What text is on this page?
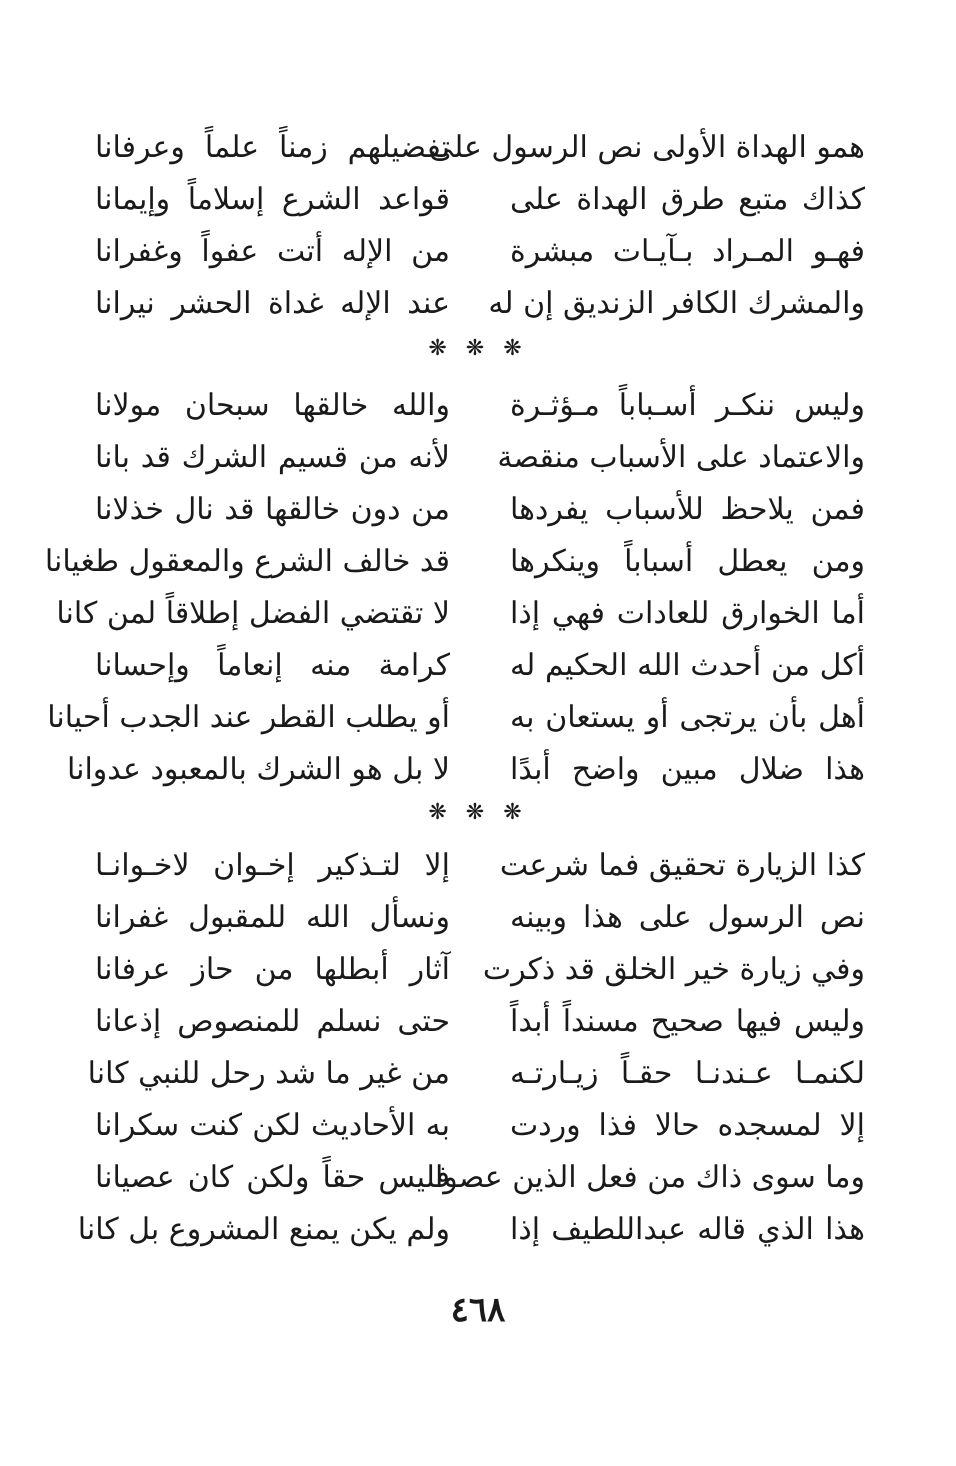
همو الهداة الأولى نص الرسول على
تفضيلهم زمناً علماً وعرفانا
كذاك متبع طرق الهداة على
قواعد الشرع إسلاماً وإيمانا
فهـو المـراد بـآيـات مبشرة
من الإله أتت عفواً وغفرانا
والمشرك الكافر الزنديق إن له
عند الإله غداة الحشر نيرانا
❋ ❋ ❋
وليس ننكـر أسـباباً مـؤثـرة
والله خالقها سبحان مولانا
والاعتماد على الأسباب منقصة
لأنه من قسيم الشرك قد بانا
فمن يلاحظ للأسباب يفردها
من دون خالقها قد نال خذلانا
ومن يعطل أسباباً وينكرها
قد خالف الشرع والمعقول طغيانا
أما الخوارق للعادات فهي إذا
لا تقتضي الفضل إطلاقاً لمن كانا
أكل من أحدث الله الحكيم له
كرامة منه إنعاماً وإحسانا
أهل بأن يرتجى أو يستعان به
أو يطلب القطر عند الجدب أحيانا
هذا ضلال مبين واضح أبدًا
لا بل هو الشرك بالمعبود عدوانا
❋ ❋ ❋
كذا الزيارة تحقيق فما شرعت
إلا لتـذكير إخـوان لاخـوانـا
نص الرسول على هذا وبينه
ونسأل الله للمقبول غفرانا
وفي زيارة خير الخلق قد ذكرت
آثار أبطلها من حاز عرفانا
وليس فيها صحيح مسنداً أبداً
حتى نسلم للمنصوص إذعانا
لكنمـا عـندنـا حقـاً زيـارتـه
من غير ما شد رحل للنبي كانا
إلا لمسجده حالا فذا وردت
به الأحاديث لكن كنت سكرانا
وما سوى ذاك من فعل الذين عصوا
فليس حقاً ولكن كان عصيانا
هذا الذي قاله عبداللطيف إذا
ولم يكن يمنع المشروع بل كانا
٤٦٨
